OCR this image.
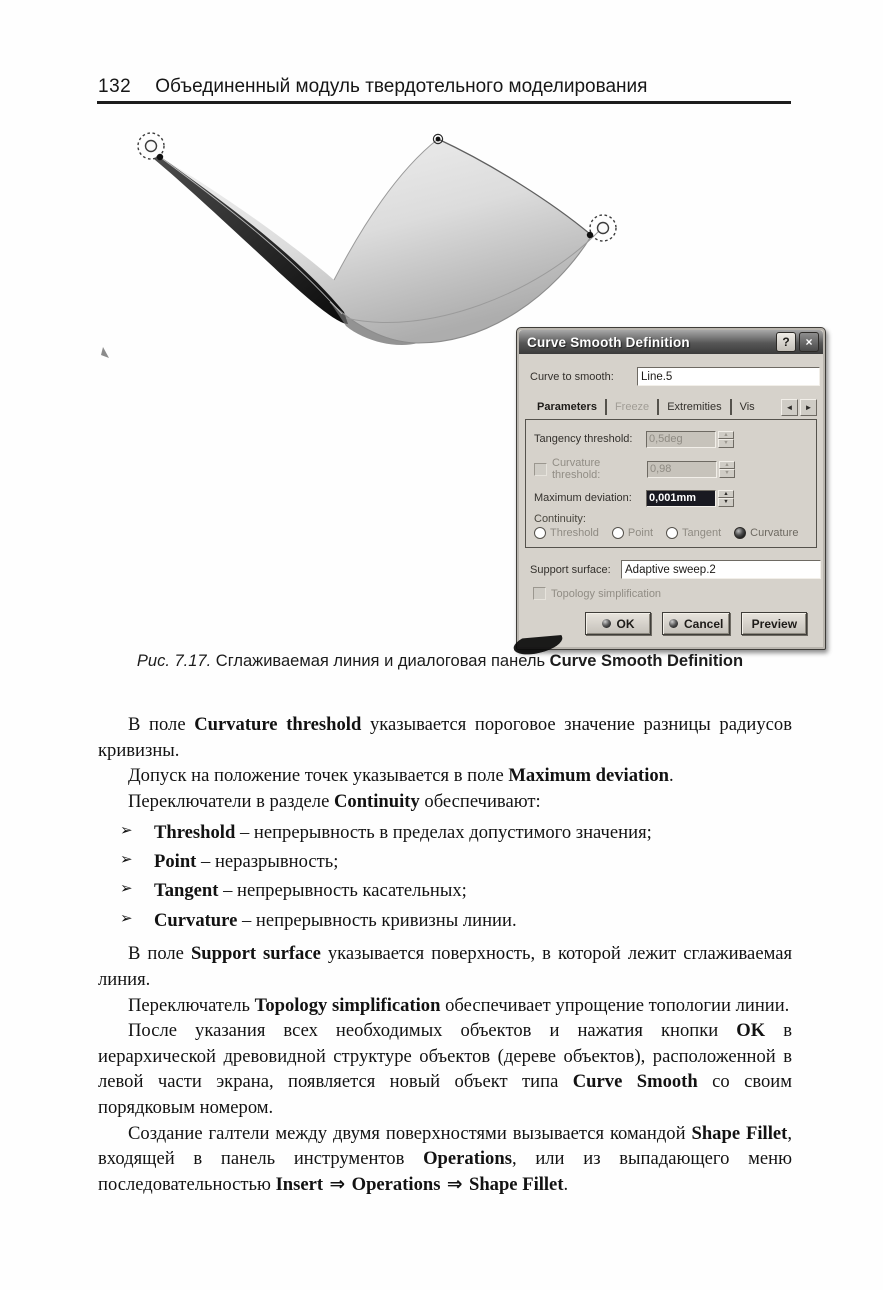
132 Объединенный модуль твердотельного моделирования
Curve Smooth Definition	?	×
Curve to smooth:
Line.5
Parameters	Freeze	Extremities	Vis	◄	►
Tangency threshold:	0,5deg	▲
▼
Curvature threshold:	0,98	▲
▼
Maximum deviation:	0,001mm	▲
▼
Continuity:
Threshold	Point	Tangent	Curvature
Support surface:
Adaptive sweep.2
Topology simplification
OK	Cancel Preview
Рис. 7.17. Сглаживаемая линия и диалоговая панель Curve Smooth Definition

В поле Curvature threshold указывается пороговое значение разницы радиусов кривизны.

Допуск на положение точек указывается в поле Maximum deviation.

Переключатели в разделе Continuity обеспечивают:

➢ Threshold – непрерывность в пределах допустимого значения;
➢ Point – неразрывность;
➢ Tangent – непрерывность касательных;
➢ Curvature – непрерывность кривизны линии.

В поле Support surface указывается поверхность, в которой лежит сглаживаемая линия.

Переключатель Topology simplification обеспечивает упрощение топологии линии.

После указания всех необходимых объектов и нажатия кнопки OK в иерархической древовидной структуре объектов (дереве объектов), расположенной в левой части экрана, появляется новый объект типа Curve Smooth со своим порядковым номером.

Создание галтели между двумя поверхностями вызывается командой Shape Fillet, входящей в панель инструментов Operations, или из выпадающего меню последовательностью Insert ⇒ Operations ⇒ Shape Fillet.
